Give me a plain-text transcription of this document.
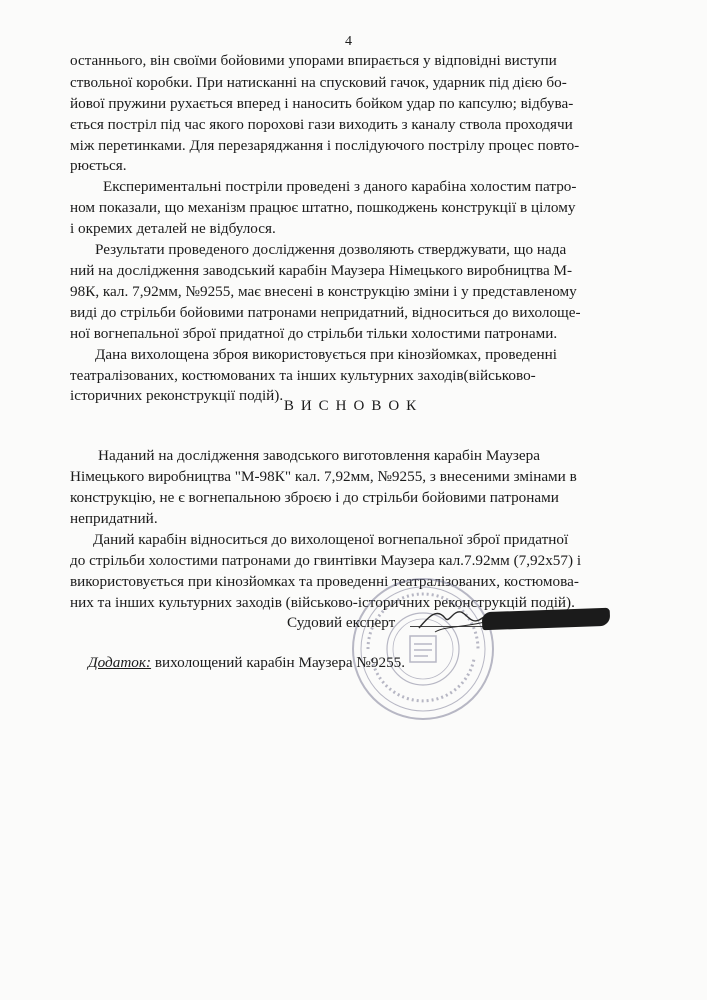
4
останнього, він своїми бойовими упорами впирається у відповідні виступи
ствольної коробки. При натисканні на спусковий гачок, ударник під дією бо-
йової пружини рухається вперед і наносить бойком удар по капсулю; відбува-
ється постріл під час якого порохові гази виходить з каналу ствола проходячи
між перетинками. Для перезаряджання і послідуючого пострілу процес повто-
рюється.
Експериментальні постріли проведені з даного карабіна холостим патро-
ном показали, що механізм працює штатно, пошкоджень конструкції в цілому
і окремих деталей не відбулося.
Результати проведеного дослідження дозволяють стверджувати, що нада
ний на дослідження заводський карабін Маузера Німецького виробництва М-
98К, кал. 7,92мм, №9255, має внесені в конструкцію зміни і у представленому
виді до стрільби бойовими патронами непридатний, відноситься до вихолоще-
ної вогнепальної зброї придатної до стрільби тільки холостими патронами.
Дана вихолощена зброя використовується при кінозйомках, проведенні
театралізованих, костюмованих та інших культурних заходів(військово-
історичних реконструкції подій).
ВИСНОВОК
Наданий на дослідження заводського виготовлення карабін Маузера
Німецького виробництва "М-98К" кал. 7,92мм, №9255, з внесеними змінами в
конструкцію, не є вогнепальною зброєю і до стрільби бойовими патронами
непридатний.
Даний карабін відноситься до вихолощеної вогнепальної зброї придатної
до стрільби холостими патронами до гвинтівки Маузера кал.7.92мм (7,92х57) і
використовується при кінозйомках та проведенні театралізованих, костюмова-
них та інших культурних заходів (військово-історичних реконструкцій подій).
Судовий експерт
Додаток: вихолощений карабін Маузера №9255.
